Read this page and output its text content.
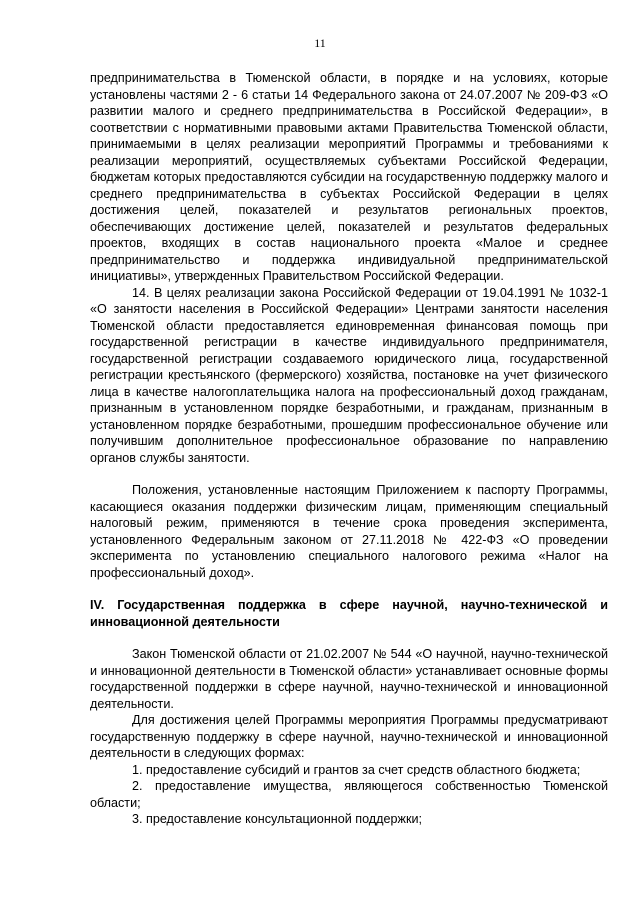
11

предпринимательства в Тюменской области, в порядке и на условиях, которые установлены частями 2 - 6 статьи 14 Федерального закона от 24.07.2007 № 209-ФЗ «О развитии малого и среднего предпринимательства в Российской Федерации», в соответствии с нормативными правовыми актами Правительства Тюменской области, принимаемыми в целях реализации мероприятий Программы и требованиями к реализации мероприятий, осуществляемых субъектами Российской Федерации, бюджетам которых предоставляются субсидии на государственную поддержку малого и среднего предпринимательства в субъектах Российской Федерации в целях достижения целей, показателей и результатов региональных проектов, обеспечивающих достижение целей, показателей и результатов федеральных проектов, входящих в состав национального проекта «Малое и среднее предпринимательство и поддержка индивидуальной предпринимательской инициативы», утвержденных Правительством Российской Федерации.

14. В целях реализации закона Российской Федерации от 19.04.1991 № 1032-1 «О занятости населения в Российской Федерации» Центрами занятости населения Тюменской области предоставляется единовременная финансовая помощь при государственной регистрации в качестве индивидуального предпринимателя, государственной регистрации создаваемого юридического лица, государственной регистрации крестьянского (фермерского) хозяйства, постановке на учет физического лица в качестве налогоплательщика налога на профессиональный доход гражданам, признанным в установленном порядке безработными, и гражданам, признанным в установленном порядке безработными, прошедшим профессиональное обучение или получившим дополнительное профессиональное образование по направлению органов службы занятости.

Положения, установленные настоящим Приложением к паспорту Программы, касающиеся оказания поддержки физическим лицам, применяющим специальный налоговый режим, применяются в течение срока проведения эксперимента, установленного Федеральным законом от 27.11.2018 № 422-ФЗ «О проведении эксперимента по установлению специального налогового режима «Налог на профессиональный доход».

IV. Государственная поддержка в сфере научной, научно-технической и инновационной деятельности

Закон Тюменской области от 21.02.2007 № 544 «О научной, научно-технической и инновационной деятельности в Тюменской области» устанавливает основные формы государственной поддержки в сфере научной, научно-технической и инновационной деятельности.

Для достижения целей Программы мероприятия Программы предусматривают государственную поддержку в сфере научной, научно-технической и инновационной деятельности в следующих формах:

1. предоставление субсидий и грантов за счет средств областного бюджета;

2. предоставление имущества, являющегося собственностью Тюменской области;

3. предоставление консультационной поддержки;
